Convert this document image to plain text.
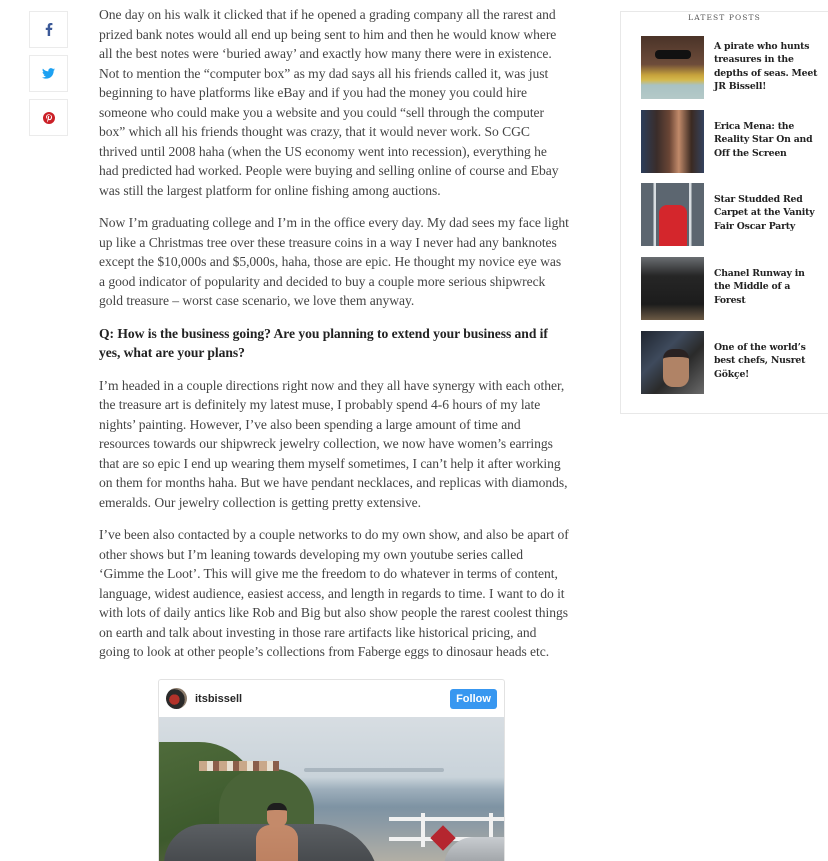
One day on his walk it clicked that if he opened a grading company all the rarest and prized bank notes would all end up being sent to him and then he would know where all the best notes were ‘buried away’ and exactly how many there were in existence. Not to mention the “computer box” as my dad says all his friends called it, was just beginning to have platforms like eBay and if you had the money you could hire someone who could make you a website and you could “sell through the computer box” which all his friends thought was crazy, that it would never work. So CGC thrived until 2008 haha (when the US economy went into recession), everything he had predicted had worked. People were buying and selling online of course and Ebay was still the largest platform for online fishing among auctions.

Now I’m graduating college and I’m in the office every day. My dad sees my face light up like a Christmas tree over these treasure coins in a way I never had any banknotes except the $10,000s and $5,000s, haha, those are epic. He thought my novice eye was a good indicator of popularity and decided to buy a couple more serious shipwreck gold treasure – worst case scenario, we love them anyway.

Q: How is the business going? Are you planning to extend your business and if yes, what are your plans?

I’m headed in a couple directions right now and they all have synergy with each other, the treasure art is definitely my latest muse, I probably spend 4-6 hours of my late nights’ painting. However, I’ve also been spending a large amount of time and resources towards our shipwreck jewelry collection, we now have women’s earrings that are so epic I end up wearing them myself sometimes, I can’t help it after working on them for months haha. But we have pendant necklaces, and replicas with diamonds, emeralds. Our jewelry collection is getting pretty extensive.

I’ve been also contacted by a couple networks to do my own show, and also be apart of other shows but I’m leaning towards developing my own youtube series called ‘Gimme the Loot’. This will give me the freedom to do whatever in terms of content, language, widest audience, easiest access, and length in regards to time. I want to do it with lots of daily antics like Rob and Big but also show people the rarest coolest things on earth and talk about investing in those rare artifacts like historical pricing, and going to look at other people’s collections from Faberge eggs to dinosaur heads etc.

itsbissell	Follow
LATEST POSTS
A pirate who hunts treasures in the depths of seas. Meet JR Bissell!
Erica Mena: the Reality Star On and Off the Screen
Star Studded Red Carpet at the Vanity Fair Oscar Party
Chanel Runway in the Middle of a Forest
One of the world’s best chefs, Nusret Gökçe!
